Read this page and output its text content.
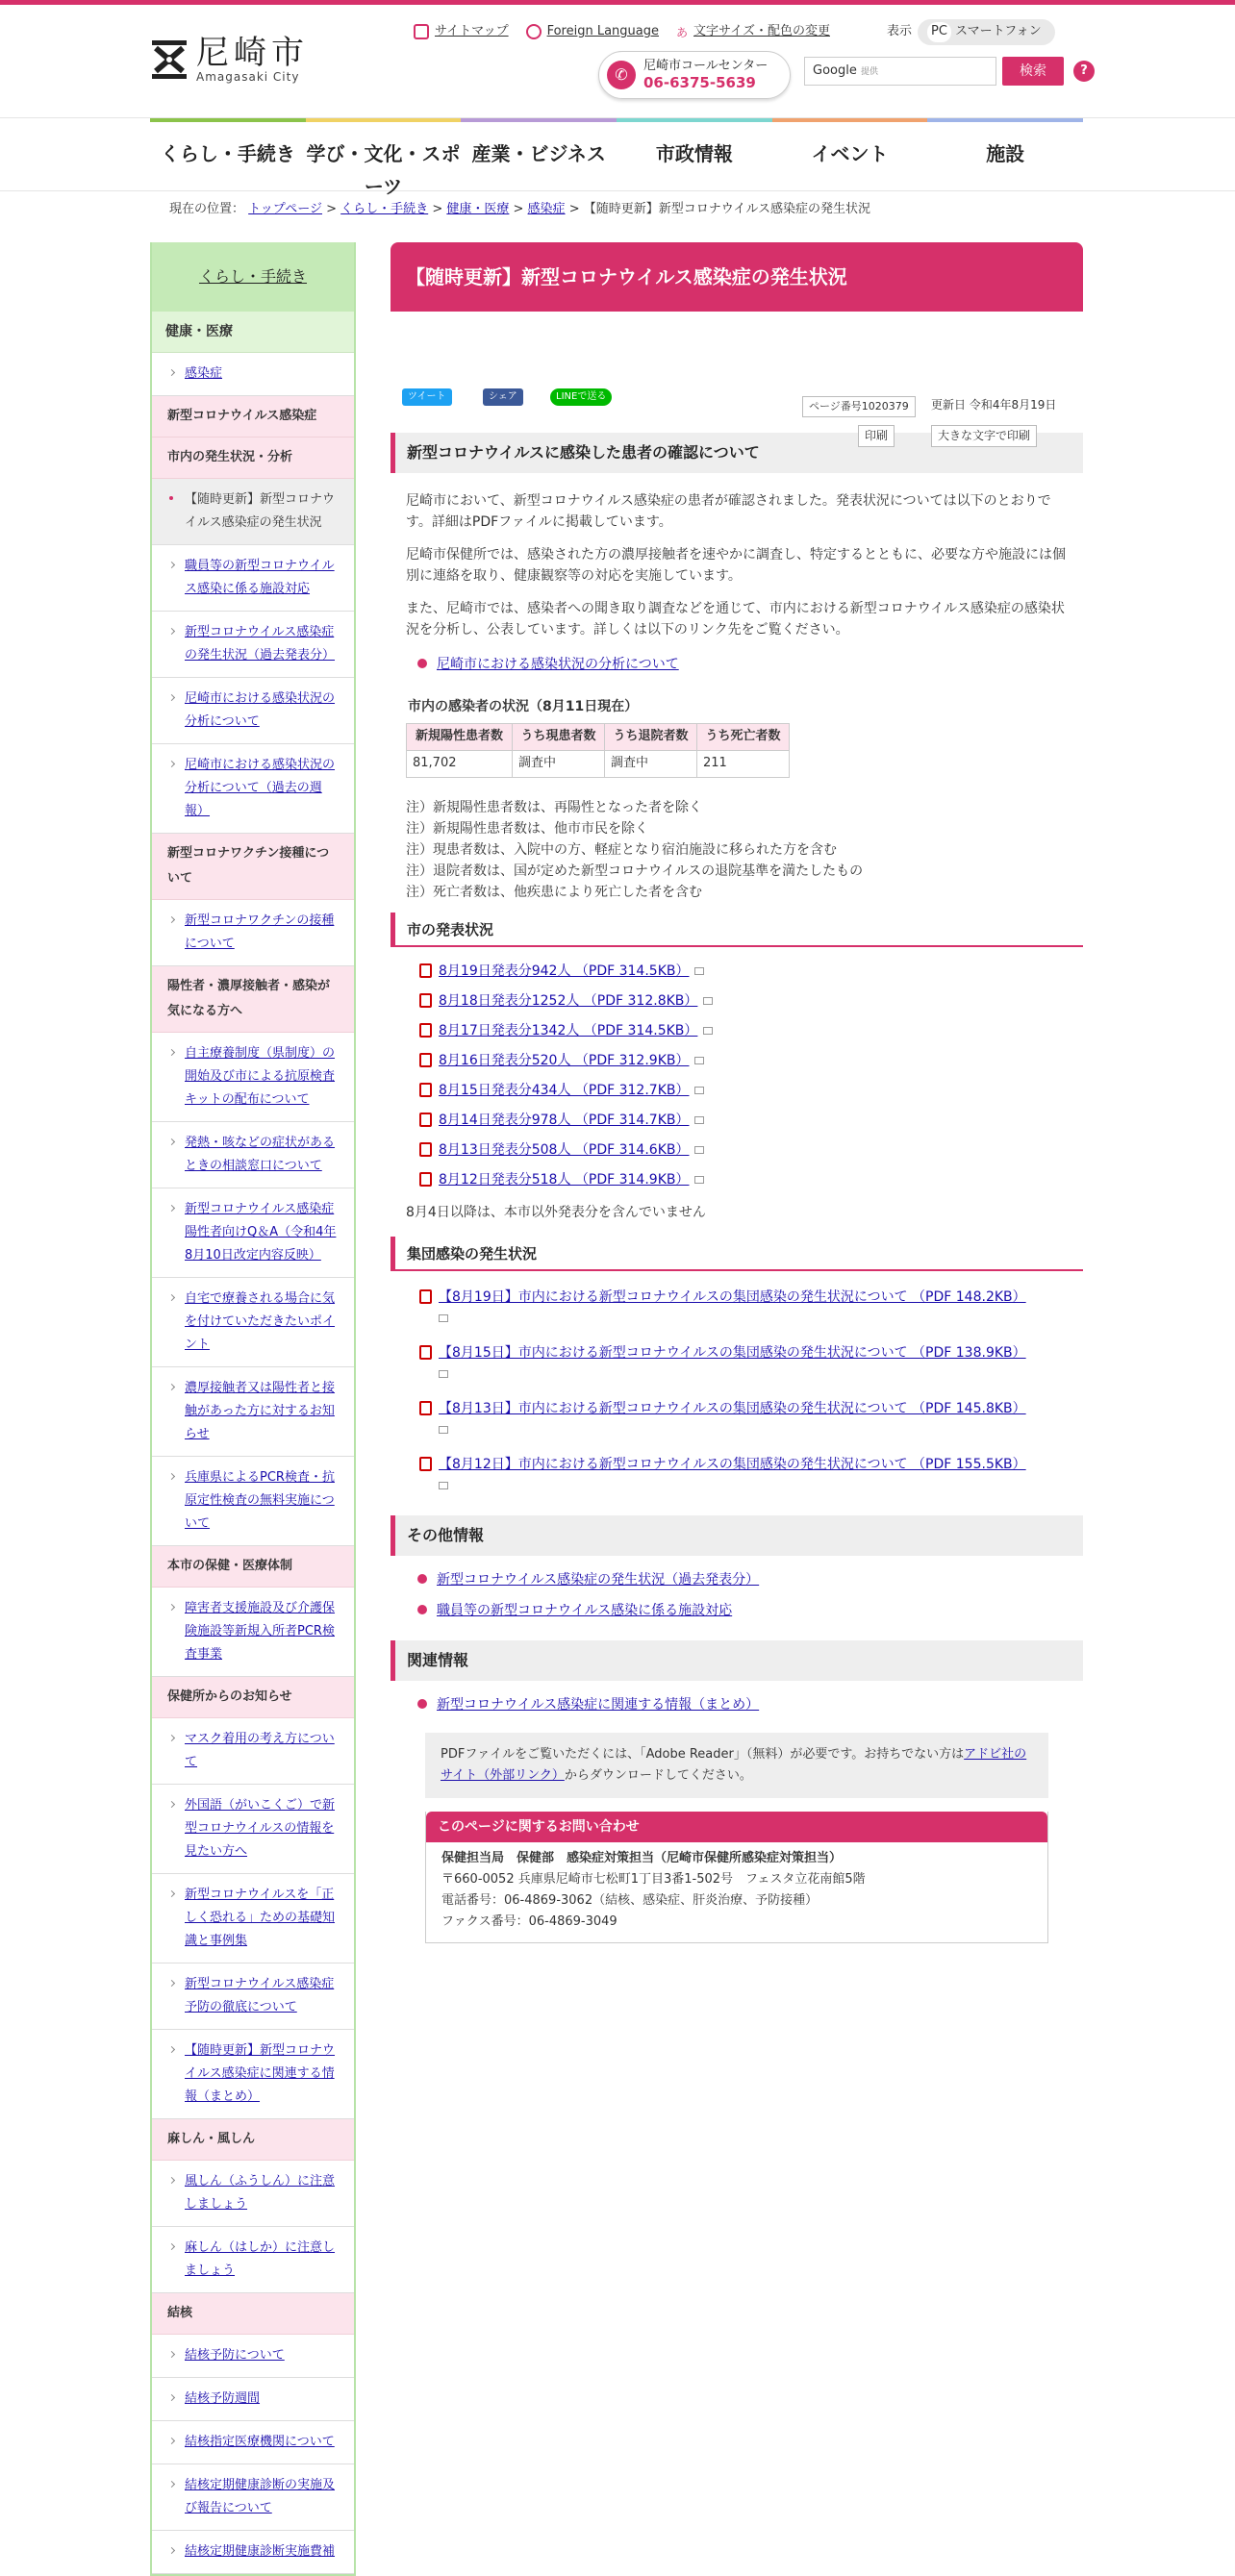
尼崎市
Amagasaki City
サイトマップ	Foreign Language あ 文字サイズ・配色の変更	表示	PC スマートフォン
✆	尼崎市コールセンター
06-6375-5639
Google 提供	検索	?
くらし・手続き 学び・文化・スポーツ
産業・ビジネス	市政情報	イベント	施設
現在の位置： トップページ > くらし・手続き > 健康・医療 > 感染症 > 【随時更新】新型コロナウイルス感染症の発生状況
くらし・手続き
健康・医療
感染症
新型コロナウイルス感染症
市内の発生状況・分析
【随時更新】新型コロナウイルス感染症の発生状況
職員等の新型コロナウイルス感染に係る施設対応
新型コロナウイルス感染症の発生状況（過去発表分）
尼崎市における感染状況の分析について
尼崎市における感染状況の分析について（過去の週報）
新型コロナワクチン接種について
新型コロナワクチンの接種について
陽性者・濃厚接触者・感染が気になる方へ
自主療養制度（県制度）の開始及び市による抗原検査キットの配布について
発熱・咳などの症状があるときの相談窓口について
新型コロナウイルス感染症陽性者向けQ＆A（令和4年8月10日改定内容反映）
自宅で療養される場合に気を付けていただきたいポイント
濃厚接触者又は陽性者と接触があった方に対するお知らせ
兵庫県によるPCR検査・抗原定性検査の無料実施について
本市の保健・医療体制
障害者支援施設及び介護保険施設等新規入所者PCR検査事業
保健所からのお知らせ
マスク着用の考え方について
外国語（がいこくご）で新型コロナウイルスの情報を見たい方へ
新型コロナウイルスを「正しく恐れる」ための基礎知識と事例集
新型コロナウイルス感染症予防の徹底について
【随時更新】新型コロナウイルス感染症に関連する情報（まとめ）
麻しん・風しん
風しん（ふうしん）に注意しましょう
麻しん（はしか）に注意しましょう
結核
結核予防について
結核予防週間
結核指定医療機関について
結核定期健康診断の実施及び報告について
結核定期健康診断実施費補
【随時更新】新型コロナウイルス感染症の発生状況
ツイート	シェア	LINEで送る
ページ番号1020379	更新日 令和4年8月19日
印刷	大きな文字で印刷
新型コロナウイルスに感染した患者の確認について
尼崎市において、新型コロナウイルス感染症の患者が確認されました。発表状況については以下のとおりです。詳細はPDFファイルに掲載しています。
尼崎市保健所では、感染された方の濃厚接触者を速やかに調査し、特定するとともに、必要な方や施設には個別に連絡を取り、健康観察等の対応を実施しています。
また、尼崎市では、感染者への聞き取り調査などを通じて、市内における新型コロナウイルス感染症の感染状況を分析し、公表しています。詳しくは以下のリンク先をご覧ください。
尼崎市における感染状況の分析について
市内の感染者の状況（8月11日現在）
新規陽性患者数	うち現患者数	うち退院者数	うち死亡者数
81,702	調査中	調査中	211
注）新規陽性患者数は、再陽性となった者を除く
注）新規陽性患者数は、他市市民を除く
注）現患者数は、入院中の方、軽症となり宿泊施設に移られた方を含む
注）退院者数は、国が定めた新型コロナウイルスの退院基準を満たしたもの
注）死亡者数は、他疾患により死亡した者を含む
市の発表状況
8月19日発表分942人 （PDF 314.5KB）
8月18日発表分1252人 （PDF 312.8KB）
8月17日発表分1342人 （PDF 314.5KB）
8月16日発表分520人 （PDF 312.9KB）
8月15日発表分434人 （PDF 312.7KB）
8月14日発表分978人 （PDF 314.7KB）
8月13日発表分508人 （PDF 314.6KB）
8月12日発表分518人 （PDF 314.9KB）
8月4日以降は、本市以外発表分を含んでいません
集団感染の発生状況
【8月19日】市内における新型コロナウイルスの集団感染の発生状況について （PDF 148.2KB）
【8月15日】市内における新型コロナウイルスの集団感染の発生状況について （PDF 138.9KB）
【8月13日】市内における新型コロナウイルスの集団感染の発生状況について （PDF 145.8KB）
【8月12日】市内における新型コロナウイルスの集団感染の発生状況について （PDF 155.5KB）
その他情報
新型コロナウイルス感染症の発生状況（過去発表分）
職員等の新型コロナウイルス感染に係る施設対応
関連情報
新型コロナウイルス感染症に関連する情報（まとめ）
PDFファイルをご覧いただくには、「Adobe Reader」（無料）が必要です。お持ちでない方はアドビ社のサイト（外部リンク）からダウンロードしてください。
このページに関するお問い合わせ
保健担当局　保健部　感染症対策担当（尼崎市保健所感染症対策担当）
〒660-0052 兵庫県尼崎市七松町1丁目3番1-502号　フェスタ立花南館5階
電話番号：06-4869-3062（結核、感染症、肝炎治療、予防接種）
ファクス番号：06-4869-3049
